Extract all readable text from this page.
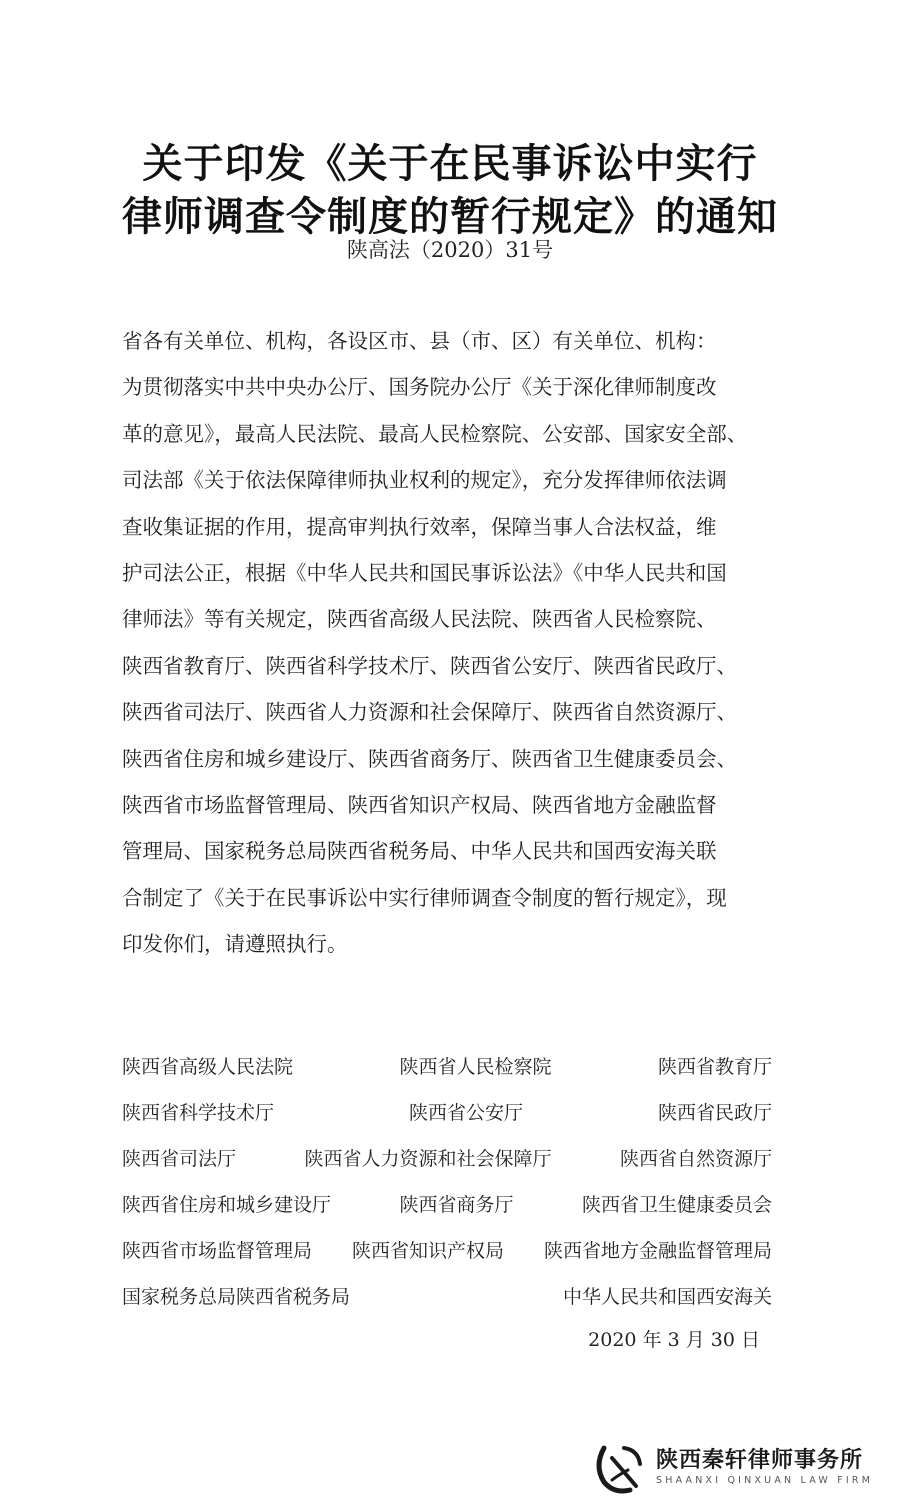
关于印发《关于在民事诉讼中实行
律师调查令制度的暂行规定》的通知
陕高法（2020）31号
省各有关单位、机构，各设区市、县（市、区）有关单位、机构：
为贯彻落实中共中央办公厅、国务院办公厅《关于深化律师制度改
革的意见》，最高人民法院、最高人民检察院、公安部、国家安全部、
司法部《关于依法保障律师执业权利的规定》，充分发挥律师依法调
查收集证据的作用，提高审判执行效率，保障当事人合法权益，维
护司法公正，根据《中华人民共和国民事诉讼法》《中华人民共和国
律师法》等有关规定，陕西省高级人民法院、陕西省人民检察院、
陕西省教育厅、陕西省科学技术厅、陕西省公安厅、陕西省民政厅、
陕西省司法厅、陕西省人力资源和社会保障厅、陕西省自然资源厅、
陕西省住房和城乡建设厅、陕西省商务厅、陕西省卫生健康委员会、
陕西省市场监督管理局、陕西省知识产权局、陕西省地方金融监督
管理局、国家税务总局陕西省税务局、中华人民共和国西安海关联
合制定了《关于在民事诉讼中实行律师调查令制度的暂行规定》，现
印发你们，请遵照执行。
陕西省高级人民法院	陕西省人民检察院	陕西省教育厅
陕西省科学技术厅	陕西省公安厅	陕西省民政厅
陕西省司法厅	陕西省人力资源和社会保障厅	陕西省自然资源厅
陕西省住房和城乡建设厅	陕西省商务厅	陕西省卫生健康委员会
陕西省市场监督管理局 陕西省知识产权局 陕西省地方金融监督管理局
国家税务总局陕西省税务局	中华人民共和国西安海关
2020 年 3 月 30 日
陕西秦轩律师事务所
SHAANXI QINXUAN LAW FIRM
